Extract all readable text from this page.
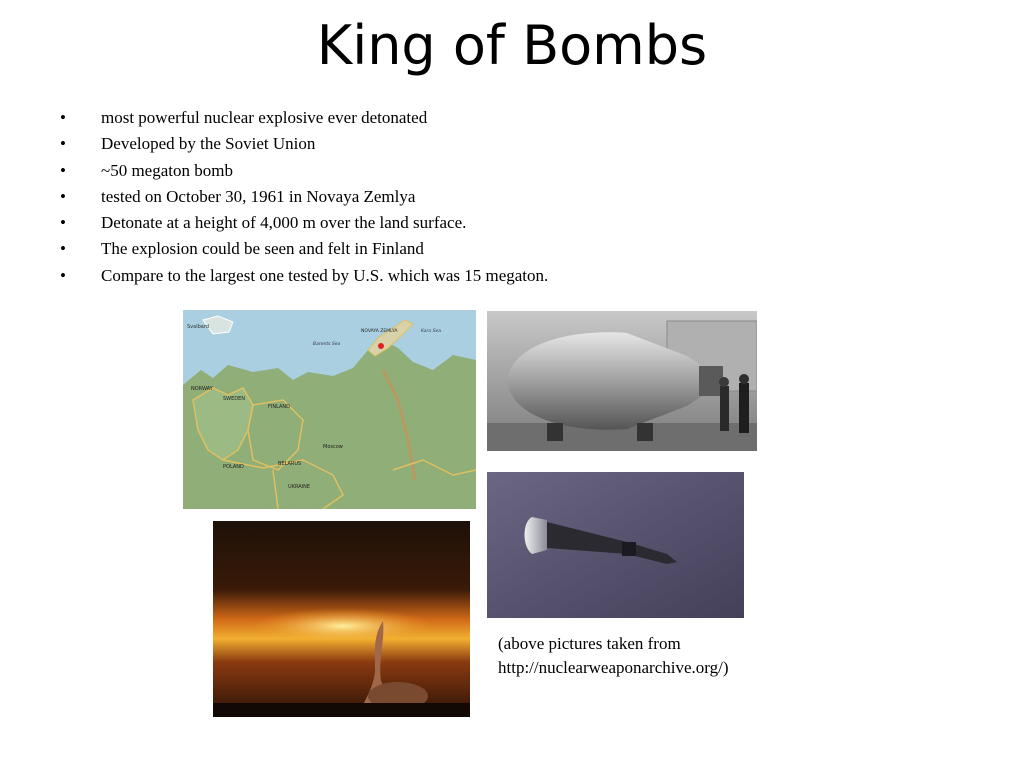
King of Bombs
• most powerful nuclear explosive ever detonated
• Developed by the Soviet Union
• ~50 megaton bomb
• tested on October 30, 1961 in Novaya Zemlya
• Detonate at a height of 4,000 m over the land surface.
• The explosion could be seen and felt in Finland
• Compare to the largest one tested by U.S. which was 15 megaton.
Svalbard
NOVAYA ZEMLYA
Barents Sea
Kara Sea
NORWAY
SWEDEN
FINLAND
Moscow
POLAND	BELARUS
UKRAINE
(above pictures taken from
http://nuclearweaponarchive.org/)
